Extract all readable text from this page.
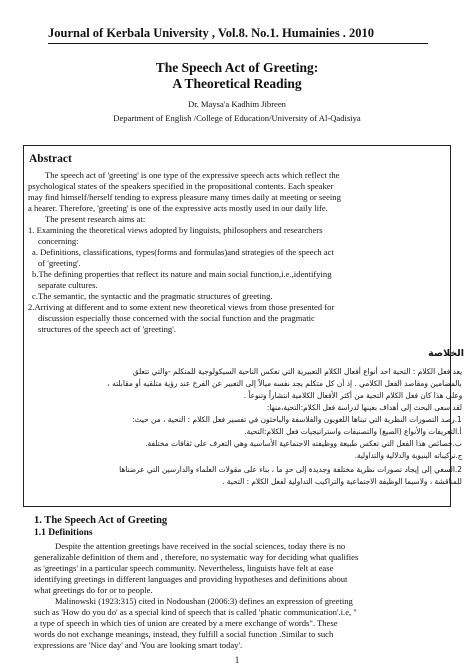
Journal of Kerbala University , Vol.8. No.1. Humainies . 2010
The Speech Act of Greeting:
A Theoretical Reading
Dr. Maysa'a Kadhim Jibreen
Department of English /College of Education/University of Al-Qadisiya
Abstract
The speech act of 'greeting' is one type of the expressive speech acts which reflect the
psychological states of the speakers specified in the propositional contents. Each speaker
may find himself/herself tending to express pleasure many times daily at meeting or seeing
a hearer. Therefore, 'greeting' is one of the expressive acts mostly used in our daily life.
The present research aims at:
1. Examining the theoretical views adopted by linguists, philosophers and researchers
concerning:
a. Definitions, classifications, types(forms and formulas)and strategies of the speech act
of 'greeting'.
b.The defining properties that reflect its nature and main social function,i.e.,identifying
separate cultures.
c.The semantic, the syntactic and the pragmatic structures of greeting.
2.Arriving at different and to some extent new theoretical views from those presented for
discussion especially those concerned with the social function and the pragmatic
structures of the speech act of 'greeting'.
الخلاصة
يعد فعل الكلام : التحية احد أنواع أفعال الكلام التعبيرية التي تعكس الناحية السيكولوجية للمتكلم -والتي تتعلق
بالمضامين ومقاصد الفعل الكلامي . إذ أن كل متكلم يجد نفسه ميالاً إلى التعبير عن الفرح عند رؤية متلقيه أو مقابلته ،
وعلى هذا كان فعل الكلام التحية من أكثر الأفعال الكلامية انتشاراً وتنوعاً .
لقد سعى البحث إلى أهداف بعينها لدراسة فعل الكلام:التحية،منها:
1.رصد التصورات النظرية التي تبناها اللغويون والفلاسفة والباحثون في تفسير فعل الكلام : التحية ، من حيث:
أ.التعريفات والأنواع (الصيغ) والتصنيفات واستراتيجيات فعل الكلام:التحية.
ب.خصائص هذا الفعل التي تعكس طبيعة ووظيفته الاجتماعية الأساسية وهي التعرف على ثقافات مختلفة.
ج.تركيباته البنيوية والدلالية والتداولية.
2.السعي إلى إيجاد تصورات نظرية مختلفة وجديدة إلى حدٍ ما ، بناء على مقولات العلماء والدارسين التي عرضناها
للمناقشة ، ولاسيما الوظيفة الاجتماعية والتراكيب التداولية لفعل الكلام : التحية .
1. The Speech Act of Greeting
1.1 Definitions
Despite the attention greetings have received in the social sciences, today there is no
generalizable definition of them and , therefore, no systematic way for deciding what qualifies
as 'greetings' in a particular speech community. Nevertheless, linguists have felt at ease
identifying greetings in different languages and providing hypotheses and definitions about
what greetings do for or to people.
Malinowski (1923:315) cited in Nodoushan (2006:3) defines an expression of greeting
such as 'How do you do' as a special kind of speech that is called 'phatic communication'.i.e, "
a type of speech in which ties of union are created by a mere exchange of words". These
words do not exchange meanings, instead, they fulfill a social function .Similar to such
expressions are 'Nice day' and 'You are looking smart today'.
1
